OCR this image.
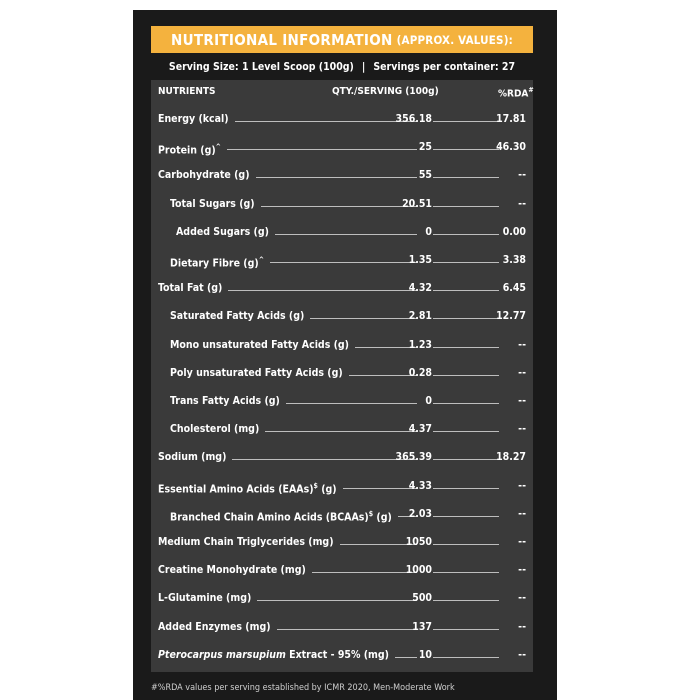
NUTRITIONAL INFORMATION (APPROX. VALUES):
Serving Size: 1 Level Scoop (100g) | Servings per container: 27
NUTRIENTS	QTY./SERVING (100g)	%RDA#
Energy (kcal)	356.18	17.81
Protein (g)^	25	46.30
Carbohydrate (g)	55	--
Total Sugars (g)	20.51	--
Added Sugars (g)	0	0.00
Dietary Fibre (g)^	1.35	3.38
Total Fat (g)	4.32	6.45
Saturated Fatty Acids (g)	2.81	12.77
Mono unsaturated Fatty Acids (g)	1.23	--
Poly unsaturated Fatty Acids (g)	0.28	--
Trans Fatty Acids (g)	0	--
Cholesterol (mg)	4.37	--
Sodium (mg)	365.39	18.27
Essential Amino Acids (EAAs)$ (g)	4.33	--
Branched Chain Amino Acids (BCAAs)$ (g) 2.03	--
Medium Chain Triglycerides (mg)	1050	--
Creatine Monohydrate (mg)	1000	--
L-Glutamine (mg)	500	--
Added Enzymes (mg)	137	--
Pterocarpus marsupium Extract - 95% (mg)	10	--
#%RDA values per serving established by ICMR 2020, Men-Moderate Work
